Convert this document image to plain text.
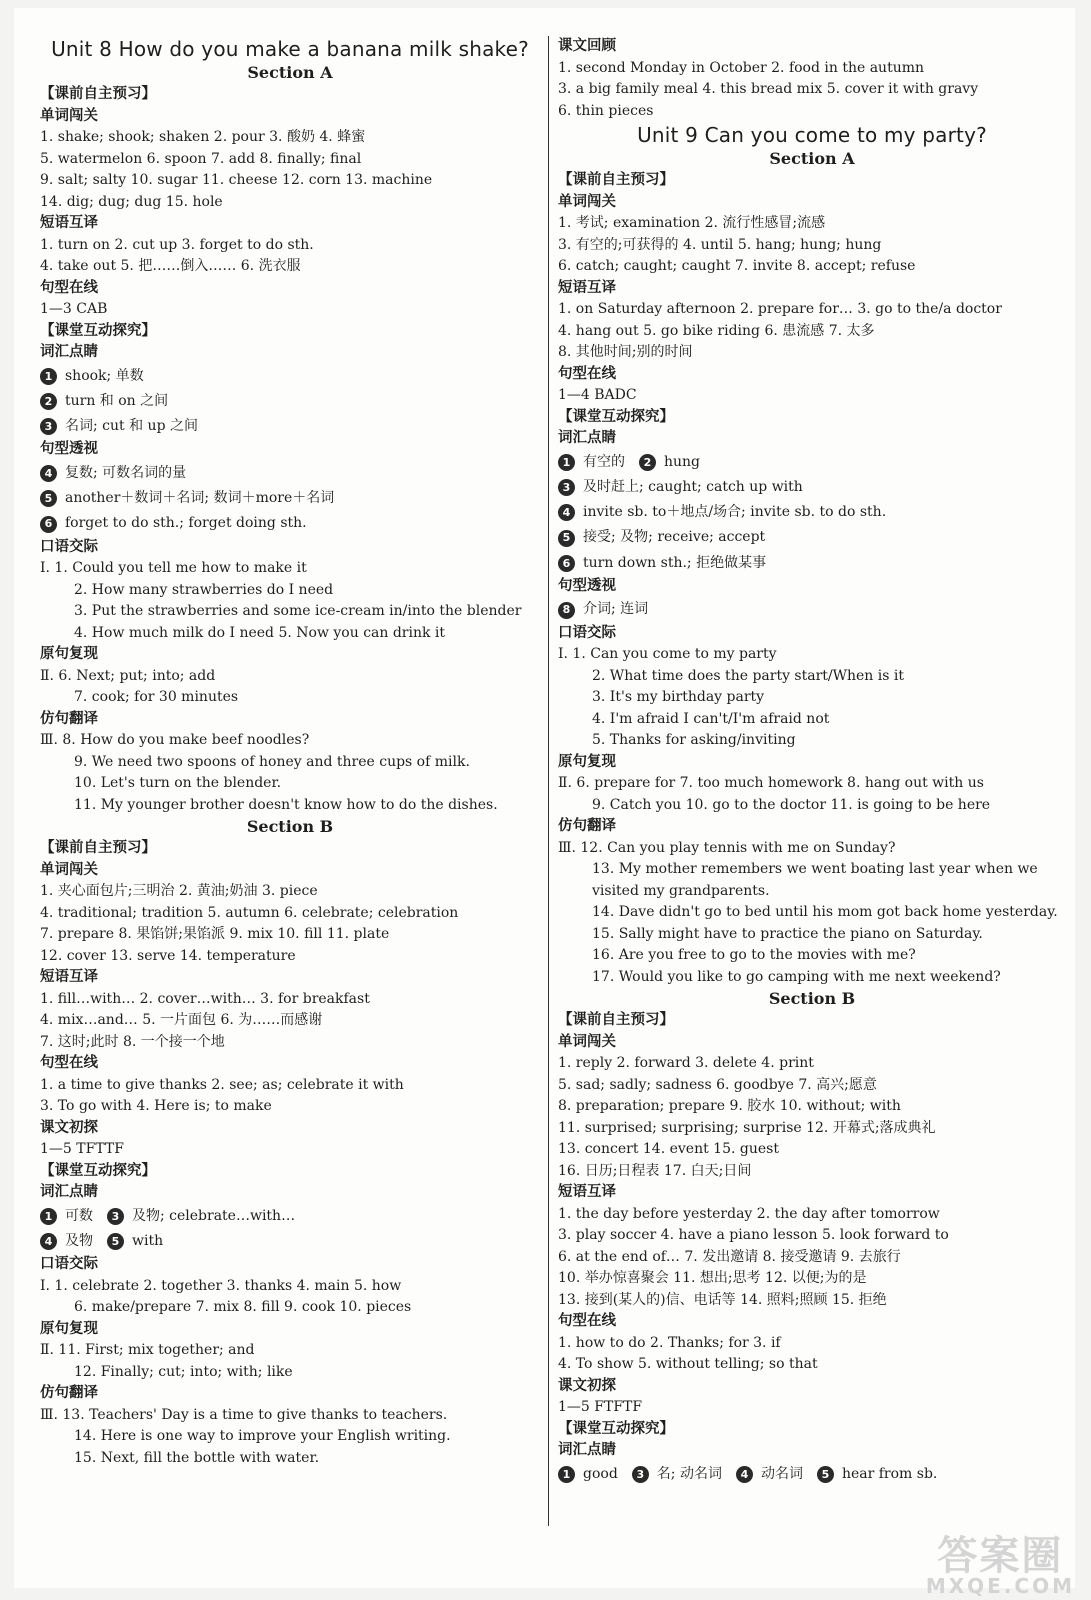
Unit 8 How do you make a banana milk shake?
Section A
【课前自主预习】
单词闯关
1. shake; shook; shaken 2. pour 3. 酸奶 4. 蜂蜜
5. watermelon 6. spoon 7. add 8. finally; final
9. salt; salty 10. sugar 11. cheese 12. corn 13. machine
14. dig; dug; dug 15. hole
短语互译
1. turn on 2. cut up 3. forget to do sth.
4. take out 5. 把……倒入…… 6. 洗衣服
句型在线
1—3 CAB
【课堂互动探究】
词汇点睛
1 shook; 单数
2 turn 和 on 之间
3 名词; cut 和 up 之间
句型透视
4 复数; 可数名词的量
5 another＋数词＋名词; 数词＋more＋名词
6 forget to do sth.; forget doing sth.
口语交际
Ⅰ. 1. Could you tell me how to make it
2. How many strawberries do I need
3. Put the strawberries and some ice-cream in/into the blender
4. How much milk do I need 5. Now you can drink it
原句复现
Ⅱ. 6. Next; put; into; add
7. cook; for 30 minutes
仿句翻译
Ⅲ. 8. How do you make beef noodles?
9. We need two spoons of honey and three cups of milk.
10. Let's turn on the blender.
11. My younger brother doesn't know how to do the dishes.
Section B
【课前自主预习】
单词闯关
1. 夹心面包片;三明治 2. 黄油;奶油 3. piece
4. traditional; tradition 5. autumn 6. celebrate; celebration
7. prepare 8. 果馅饼;果馅派 9. mix 10. fill 11. plate
12. cover 13. serve 14. temperature
短语互译
1. fill…with… 2. cover…with… 3. for breakfast
4. mix…and… 5. 一片面包 6. 为……而感谢
7. 这时;此时 8. 一个接一个地
句型在线
1. a time to give thanks 2. see; as; celebrate it with
3. To go with 4. Here is; to make
课文初探
1—5 TFTTF
【课堂互动探究】
词汇点睛
1 可数	3 及物; celebrate…with…
4 及物	5 with
口语交际
Ⅰ. 1. celebrate 2. together 3. thanks 4. main 5. how
6. make/prepare 7. mix 8. fill 9. cook 10. pieces
原句复现
Ⅱ. 11. First; mix together; and
12. Finally; cut; into; with; like
仿句翻译
Ⅲ. 13. Teachers' Day is a time to give thanks to teachers.
14. Here is one way to improve your English writing.
15. Next, fill the bottle with water.
课文回顾
1. second Monday in October 2. food in the autumn
3. a big family meal 4. this bread mix 5. cover it with gravy
6. thin pieces
Unit 9 Can you come to my party?
Section A
【课前自主预习】
单词闯关
1. 考试; examination 2. 流行性感冒;流感
3. 有空的;可获得的 4. until 5. hang; hung; hung
6. catch; caught; caught 7. invite 8. accept; refuse
短语互译
1. on Saturday afternoon 2. prepare for… 3. go to the/a doctor
4. hang out 5. go bike riding 6. 患流感 7. 太多
8. 其他时间;别的时间
句型在线
1—4 BADC
【课堂互动探究】
词汇点睛
1 有空的	2 hung
3 及时赶上; caught; catch up with
4 invite sb. to＋地点/场合; invite sb. to do sth.
5 接受; 及物; receive; accept
6 turn down sth.; 拒绝做某事
句型透视
8 介词; 连词
口语交际
Ⅰ. 1. Can you come to my party
2. What time does the party start/When is it
3. It's my birthday party
4. I'm afraid I can't/I'm afraid not
5. Thanks for asking/inviting
原句复现
Ⅱ. 6. prepare for 7. too much homework 8. hang out with us
9. Catch you 10. go to the doctor 11. is going to be here
仿句翻译
Ⅲ. 12. Can you play tennis with me on Sunday?
13. My mother remembers we went boating last year when we visited my grandparents.
14. Dave didn't go to bed until his mom got back home yesterday.
15. Sally might have to practice the piano on Saturday.
16. Are you free to go to the movies with me?
17. Would you like to go camping with me next weekend?
Section B
【课前自主预习】
单词闯关
1. reply 2. forward 3. delete 4. print
5. sad; sadly; sadness 6. goodbye 7. 高兴;愿意
8. preparation; prepare 9. 胶水 10. without; with
11. surprised; surprising; surprise 12. 开幕式;落成典礼
13. concert 14. event 15. guest
16. 日历;日程表 17. 白天;日间
短语互译
1. the day before yesterday 2. the day after tomorrow
3. play soccer 4. have a piano lesson 5. look forward to
6. at the end of… 7. 发出邀请 8. 接受邀请 9. 去旅行
10. 举办惊喜聚会 11. 想出;思考 12. 以便;为的是
13. 接到(某人的)信、电话等 14. 照料;照顾 15. 拒绝
句型在线
1. how to do 2. Thanks; for 3. if
4. To show 5. without telling; so that
课文初探
1—5 FTFTF
【课堂互动探究】
词汇点睛
1 good	3 名; 动名词	4 动名词	5 hear from sb.
答案圈
MXQE.COM
